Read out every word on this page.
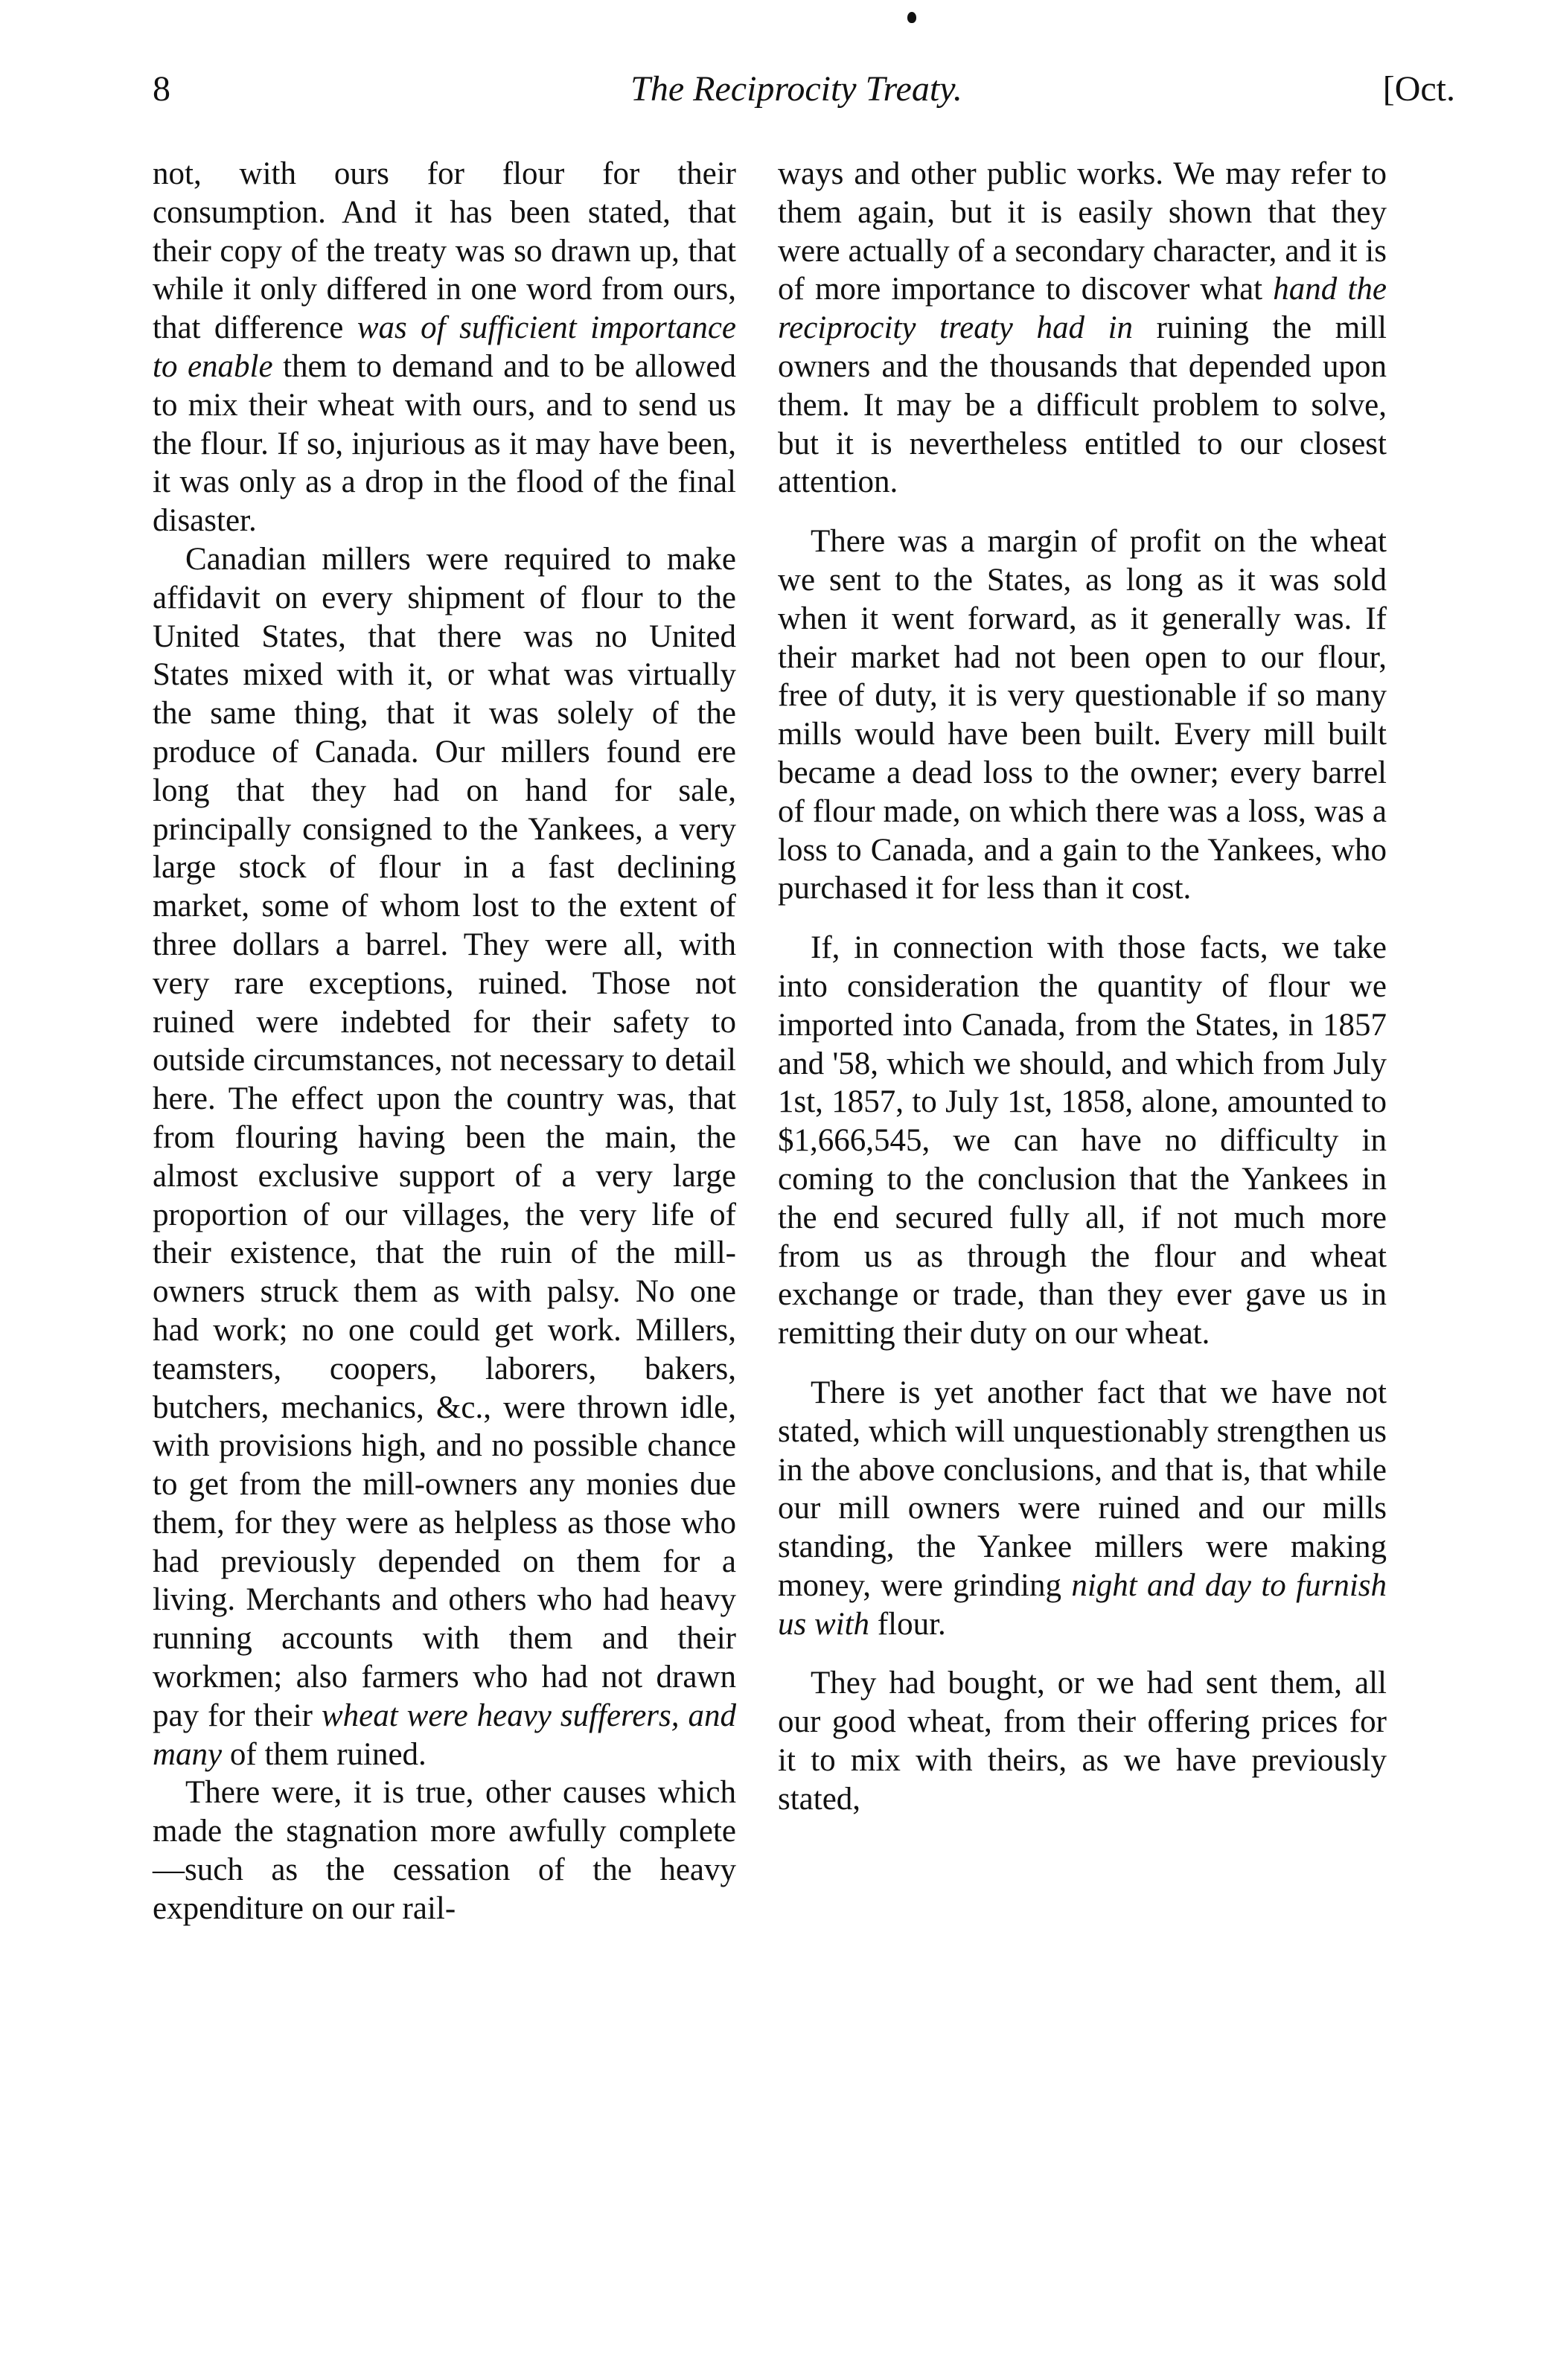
8	The Reciprocity Treaty.	[Oct.

not, with ours for flour for their consumption. And it has been stated, that their copy of the treaty was so drawn up, that while it only differed in one word from ours, that difference was of sufficient importance to enable them to demand and to be allowed to mix their wheat with ours, and to send us the flour. If so, injurious as it may have been, it was only as a drop in the flood of the final disaster.

Canadian millers were required to make affidavit on every shipment of flour to the United States, that there was no United States mixed with it, or what was virtually the same thing, that it was solely of the produce of Canada. Our millers found ere long that they had on hand for sale, principally consigned to the Yankees, a very large stock of flour in a fast declining market, some of whom lost to the extent of three dollars a barrel. They were all, with very rare exceptions, ruined. Those not ruined were indebted for their safety to outside circumstances, not necessary to detail here. The effect upon the country was, that from flouring having been the main, the almost exclusive support of a very large proportion of our villages, the very life of their existence, that the ruin of the mill-owners struck them as with palsy. No one had work; no one could get work. Millers, teamsters, coopers, laborers, bakers, butchers, mechanics, &c., were thrown idle, with provisions high, and no possible chance to get from the mill-owners any monies due them, for they were as helpless as those who had previously depended on them for a living. Merchants and others who had heavy running accounts with them and their workmen; also farmers who had not drawn pay for their wheat were heavy sufferers, and many of them ruined.

There were, it is true, other causes which made the stagnation more awfully complete—such as the cessation of the heavy expenditure on our rail-

ways and other public works. We may refer to them again, but it is easily shown that they were actually of a secondary character, and it is of more importance to discover what hand the reciprocity treaty had in ruining the mill owners and the thousands that depended upon them. It may be a difficult problem to solve, but it is nevertheless entitled to our closest attention.

There was a margin of profit on the wheat we sent to the States, as long as it was sold when it went forward, as it generally was. If their market had not been open to our flour, free of duty, it is very questionable if so many mills would have been built. Every mill built became a dead loss to the owner; every barrel of flour made, on which there was a loss, was a loss to Canada, and a gain to the Yankees, who purchased it for less than it cost.

If, in connection with those facts, we take into consideration the quantity of flour we imported into Canada, from the States, in 1857 and '58, which we should, and which from July 1st, 1857, to July 1st, 1858, alone, amounted to $1,666,545, we can have no difficulty in coming to the conclusion that the Yankees in the end secured fully all, if not much more from us as through the flour and wheat exchange or trade, than they ever gave us in remitting their duty on our wheat.

There is yet another fact that we have not stated, which will unquestionably strengthen us in the above conclusions, and that is, that while our mill owners were ruined and our mills standing, the Yankee millers were making money, were grinding night and day to furnish us with flour.

They had bought, or we had sent them, all our good wheat, from their offering prices for it to mix with theirs, as we have previously stated,
